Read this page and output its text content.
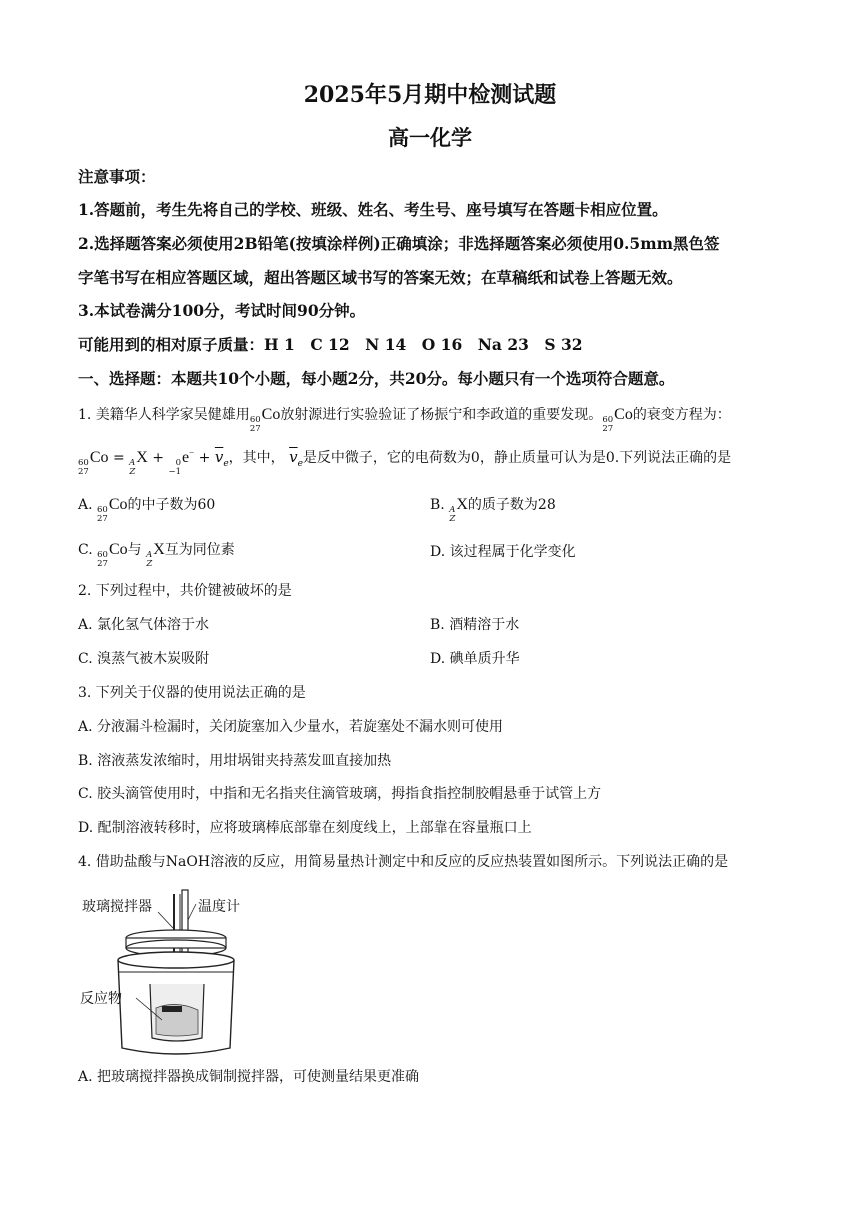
2025年5月期中检测试题
高一化学
注意事项：
1.答题前，考生先将自己的学校、班级、姓名、考生号、座号填写在答题卡相应位置。
2.选择题答案必须使用2B铅笔(按填涂样例)正确填涂；非选择题答案必须使用0.5mm黑色签
字笔书写在相应答题区域，超出答题区域书写的答案无效；在草稿纸和试卷上答题无效。
3.本试卷满分100分，考试时间90分钟。
可能用到的相对原子质量：H 1　C 12　N 14　O 16　Na 23　S 32
一、选择题：本题共10个小题，每小题2分，共20分。每小题只有一个选项符合题意。
1. 美籍华人科学家吴健雄用 60
27
Co放射源进行实验验证了杨振宁和李政道的重要发现。 60
27
Co的衰变方程为：
60
27
Co = A
Z
X +	0
−1
$e^- + \overline{v}_e$，其中， $\overline{v}_e$是反中微子，它的电荷数为0，静止质量可认为是0.下列说法正确的是
A. 60
27
Co的中子数为60	B. A
Z
X的质子数为28
C. 60
27
Co与 A
Z
X互为同位素	D. 该过程属于化学变化
2. 下列过程中，共价键被破坏的是
A. 氯化氢气体溶于水	B. 酒精溶于水
C. 溴蒸气被木炭吸附	D. 碘单质升华
3. 下列关于仪器的使用说法正确的是
A. 分液漏斗检漏时，关闭旋塞加入少量水，若旋塞处不漏水则可使用
B. 溶液蒸发浓缩时，用坩埚钳夹持蒸发皿直接加热
C. 胶头滴管使用时，中指和无名指夹住滴管玻璃，拇指食指控制胶帽悬垂于试管上方
D. 配制溶液转移时，应将玻璃棒底部靠在刻度线上，上部靠在容量瓶口上
4. 借助盐酸与NaOH溶液的反应，用简易量热计测定中和反应的反应热装置如图所示。下列说法正确的是
玻璃搅拌器	温度计
反应物
A. 把玻璃搅拌器换成铜制搅拌器，可使测量结果更准确
